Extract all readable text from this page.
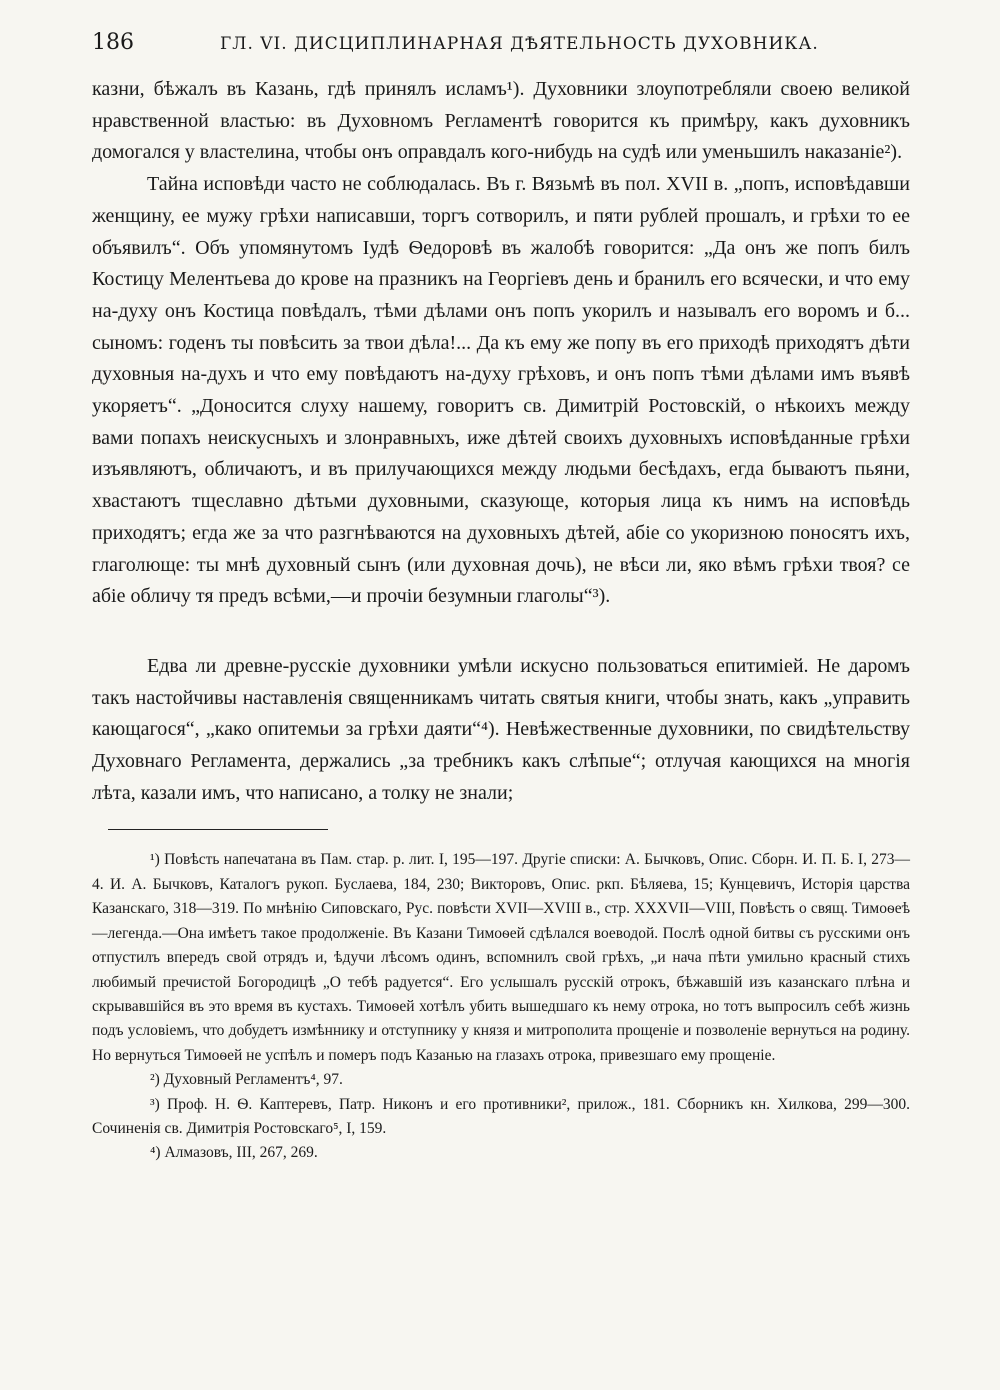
186	ГЛ. VI. ДИСЦИПЛИНАРНАЯ ДѢЯТЕЛЬНОСТЬ ДУХОВНИКА.

казни, бѣжалъ въ Казань, гдѣ принялъ исламъ¹). Духовники злоупотребляли своею великой нравственной властью: въ Духовномъ Регламентѣ говорится къ примѣру, какъ духовникъ домогался у властелина, чтобы онъ оправдалъ кого-нибудь на судѣ или уменьшилъ наказаніе²).

Тайна исповѣди часто не соблюдалась. Въ г. Вязьмѣ въ пол. XVII в. „попъ, исповѣдавши женщину, ее мужу грѣхи написавши, торгъ сотворилъ, и пяти рублей прошалъ, и грѣхи то ее объявилъ“. Объ упомянутомъ Іудѣ Ѳедоровѣ въ жалобѣ говорится: „Да онъ же попъ билъ Костицу Мелентьева до крове на празникъ на Георгіевъ день и бранилъ его всячески, и что ему на-духу онъ Костица повѣдалъ, тѣми дѣлами онъ попъ укорилъ и называлъ его воромъ и б... сыномъ: годенъ ты повѣсить за твои дѣла!... Да къ ему же попу въ его приходѣ приходятъ дѣти духовныя на-духъ и что ему повѣдаютъ на-духу грѣховъ, и онъ попъ тѣми дѣлами имъ въявѣ укоряетъ“. „Доносится слуху нашему, говоритъ св. Димитрій Ростовскій, о нѣкоихъ между вами попахъ неискусныхъ и злонравныхъ, иже дѣтей своихъ духовныхъ исповѣданные грѣхи изъявляютъ, обличаютъ, и въ прилучающихся между людьми бесѣдахъ, егда бываютъ пьяни, хвастаютъ тщеславно дѣтьми духовными, сказующе, которыя лица къ нимъ на исповѣдь приходятъ; егда же за что разгнѣваются на духовныхъ дѣтей, абіе со укоризною поносятъ ихъ, глаголюще: ты мнѣ духовный сынъ (или духовная дочь), не вѣси ли, яко вѣмъ грѣхи твоя? се абіе обличу тя предъ всѣми,—и прочіи безумныи глаголы“³).

Едва ли древне-русскіе духовники умѣли искусно пользоваться епитиміей. Не даромъ такъ настойчивы наставленія священникамъ читать святыя книги, чтобы знать, какъ „управить кающагося“, „како опитемьи за грѣхи даяти“⁴). Невѣжественные духовники, по свидѣтельству Духовнаго Регламента, держались „за требникъ какъ слѣпые“; отлучая кающихся на многія лѣта, казали имъ, что написано, а толку не знали;

¹) Повѣсть напечатана въ Пам. стар. р. лит. I, 195—197. Другіе списки: А. Бычковъ, Опис. Сборн. И. П. Б. I, 273—4. И. А. Бычковъ, Каталогъ рукоп. Буслаева, 184, 230; Викторовъ, Опис. ркп. Бѣляева, 15; Кунцевичъ, Исторія царства Казанскаго, 318—319. По мнѣнію Сиповскаго, Рус. повѣсти XVII—XVIII в., стр. XXXVII—VIII, Повѣсть о свящ. Тимоѳеѣ—легенда.—Она имѣетъ такое продолженіе. Въ Казани Тимоѳей сдѣлался воеводой. Послѣ одной битвы съ русскими онъ отпустилъ впередъ свой отрядъ и, ѣдучи лѣсомъ одинъ, вспомнилъ свой грѣхъ, „и нача пѣти умильно красный стихъ любимый пречистой Богородицѣ „О тебѣ радуется“. Его услышалъ русскій отрокъ, бѣжавшій изъ казанскаго плѣна и скрывавшійся въ это время въ кустахъ. Тимоѳей хотѣлъ убить вышедшаго къ нему отрока, но тотъ выпросилъ себѣ жизнь подъ условіемъ, что добудетъ измѣннику и отступнику у князя и митрополита прощеніе и позволеніе вернуться на родину. Но вернуться Тимоѳей не успѣлъ и померъ подъ Казанью на глазахъ отрока, привезшаго ему прощеніе.

²) Духовный Регламентъ⁴, 97.

³) Проф. Н. Ѳ. Каптеревъ, Патр. Никонъ и его противники², прилож., 181. Сборникъ кн. Хилкова, 299—300. Сочиненія св. Димитрія Ростовскаго⁵, I, 159.

⁴) Алмазовъ, III, 267, 269.
